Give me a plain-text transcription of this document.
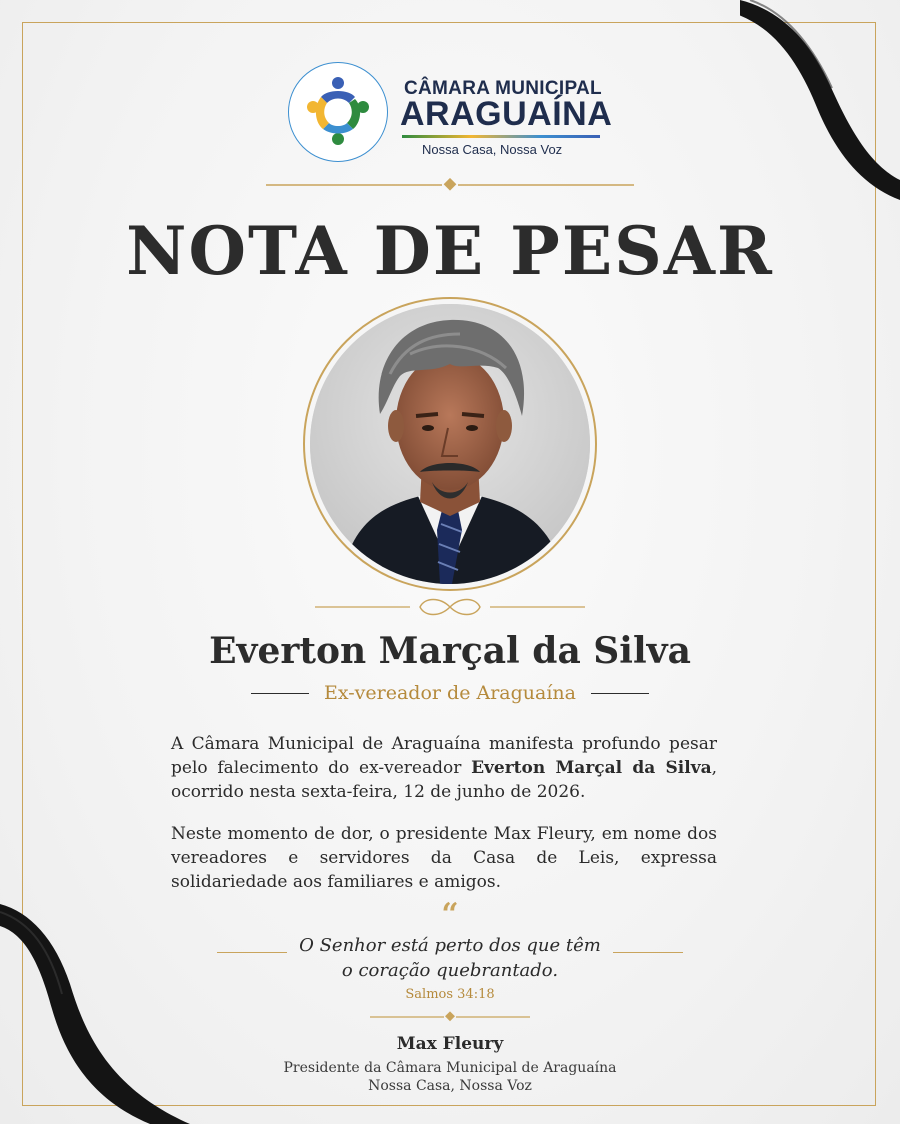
CÂMARA MUNICIPAL
ARAGUAÍNA
Nossa Casa, Nossa Voz
NOTA DE PESAR
Everton Marçal da Silva
Ex-vereador de Araguaína

A Câmara Municipal de Araguaína manifesta profundo pesar pelo falecimento do ex-vereador Everton Marçal da Silva, ocorrido nesta sexta-feira, 12 de junho de 2026.

Neste momento de dor, o presidente Max Fleury, em nome dos vereadores e servidores da Casa de Leis, expressa solidariedade aos familiares e amigos.

“
O Senhor está perto dos que têm
o coração quebrantado.
Salmos 34:18
Max Fleury
Presidente da Câmara Municipal de Araguaína
Nossa Casa, Nossa Voz
